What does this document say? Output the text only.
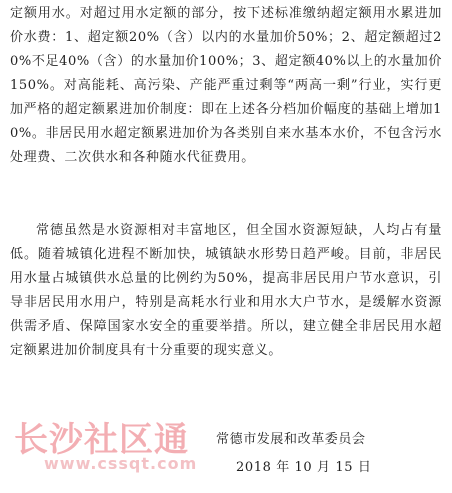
定额用水。对超过用水定额的部分，按下述标准缴纳超定额用水累进加价水费：1、超定额20%（含）以内的水量加价50%；2、超定额超过20%不足40%（含）的水量加价100%；3、超定额40%以上的水量加价150%。对高能耗、高污染、产能严重过剩等“两高一剩”行业，实行更加严格的超定额累进加价制度：即在上述各分档加价幅度的基础上增加10%。非居民用水超定额累进加价为各类别自来水基本水价，不包含污水处理费、二次供水和各种随水代征费用。

常德虽然是水资源相对丰富地区，但全国水资源短缺，人均占有量低。随着城镇化进程不断加快，城镇缺水形势日趋严峻。目前，非居民用水量占城镇供水总量的比例约为50%，提高非居民用户节水意识，引导非居民用水用户，特别是高耗水行业和用水大户节水，是缓解水资源供需矛盾、保障国家水安全的重要举措。所以，建立健全非居民用水超定额累进加价制度具有十分重要的现实意义。

长沙社区通
www.cssqt.com
常德市发展和改革委员会
2018 年 10 月 15 日
